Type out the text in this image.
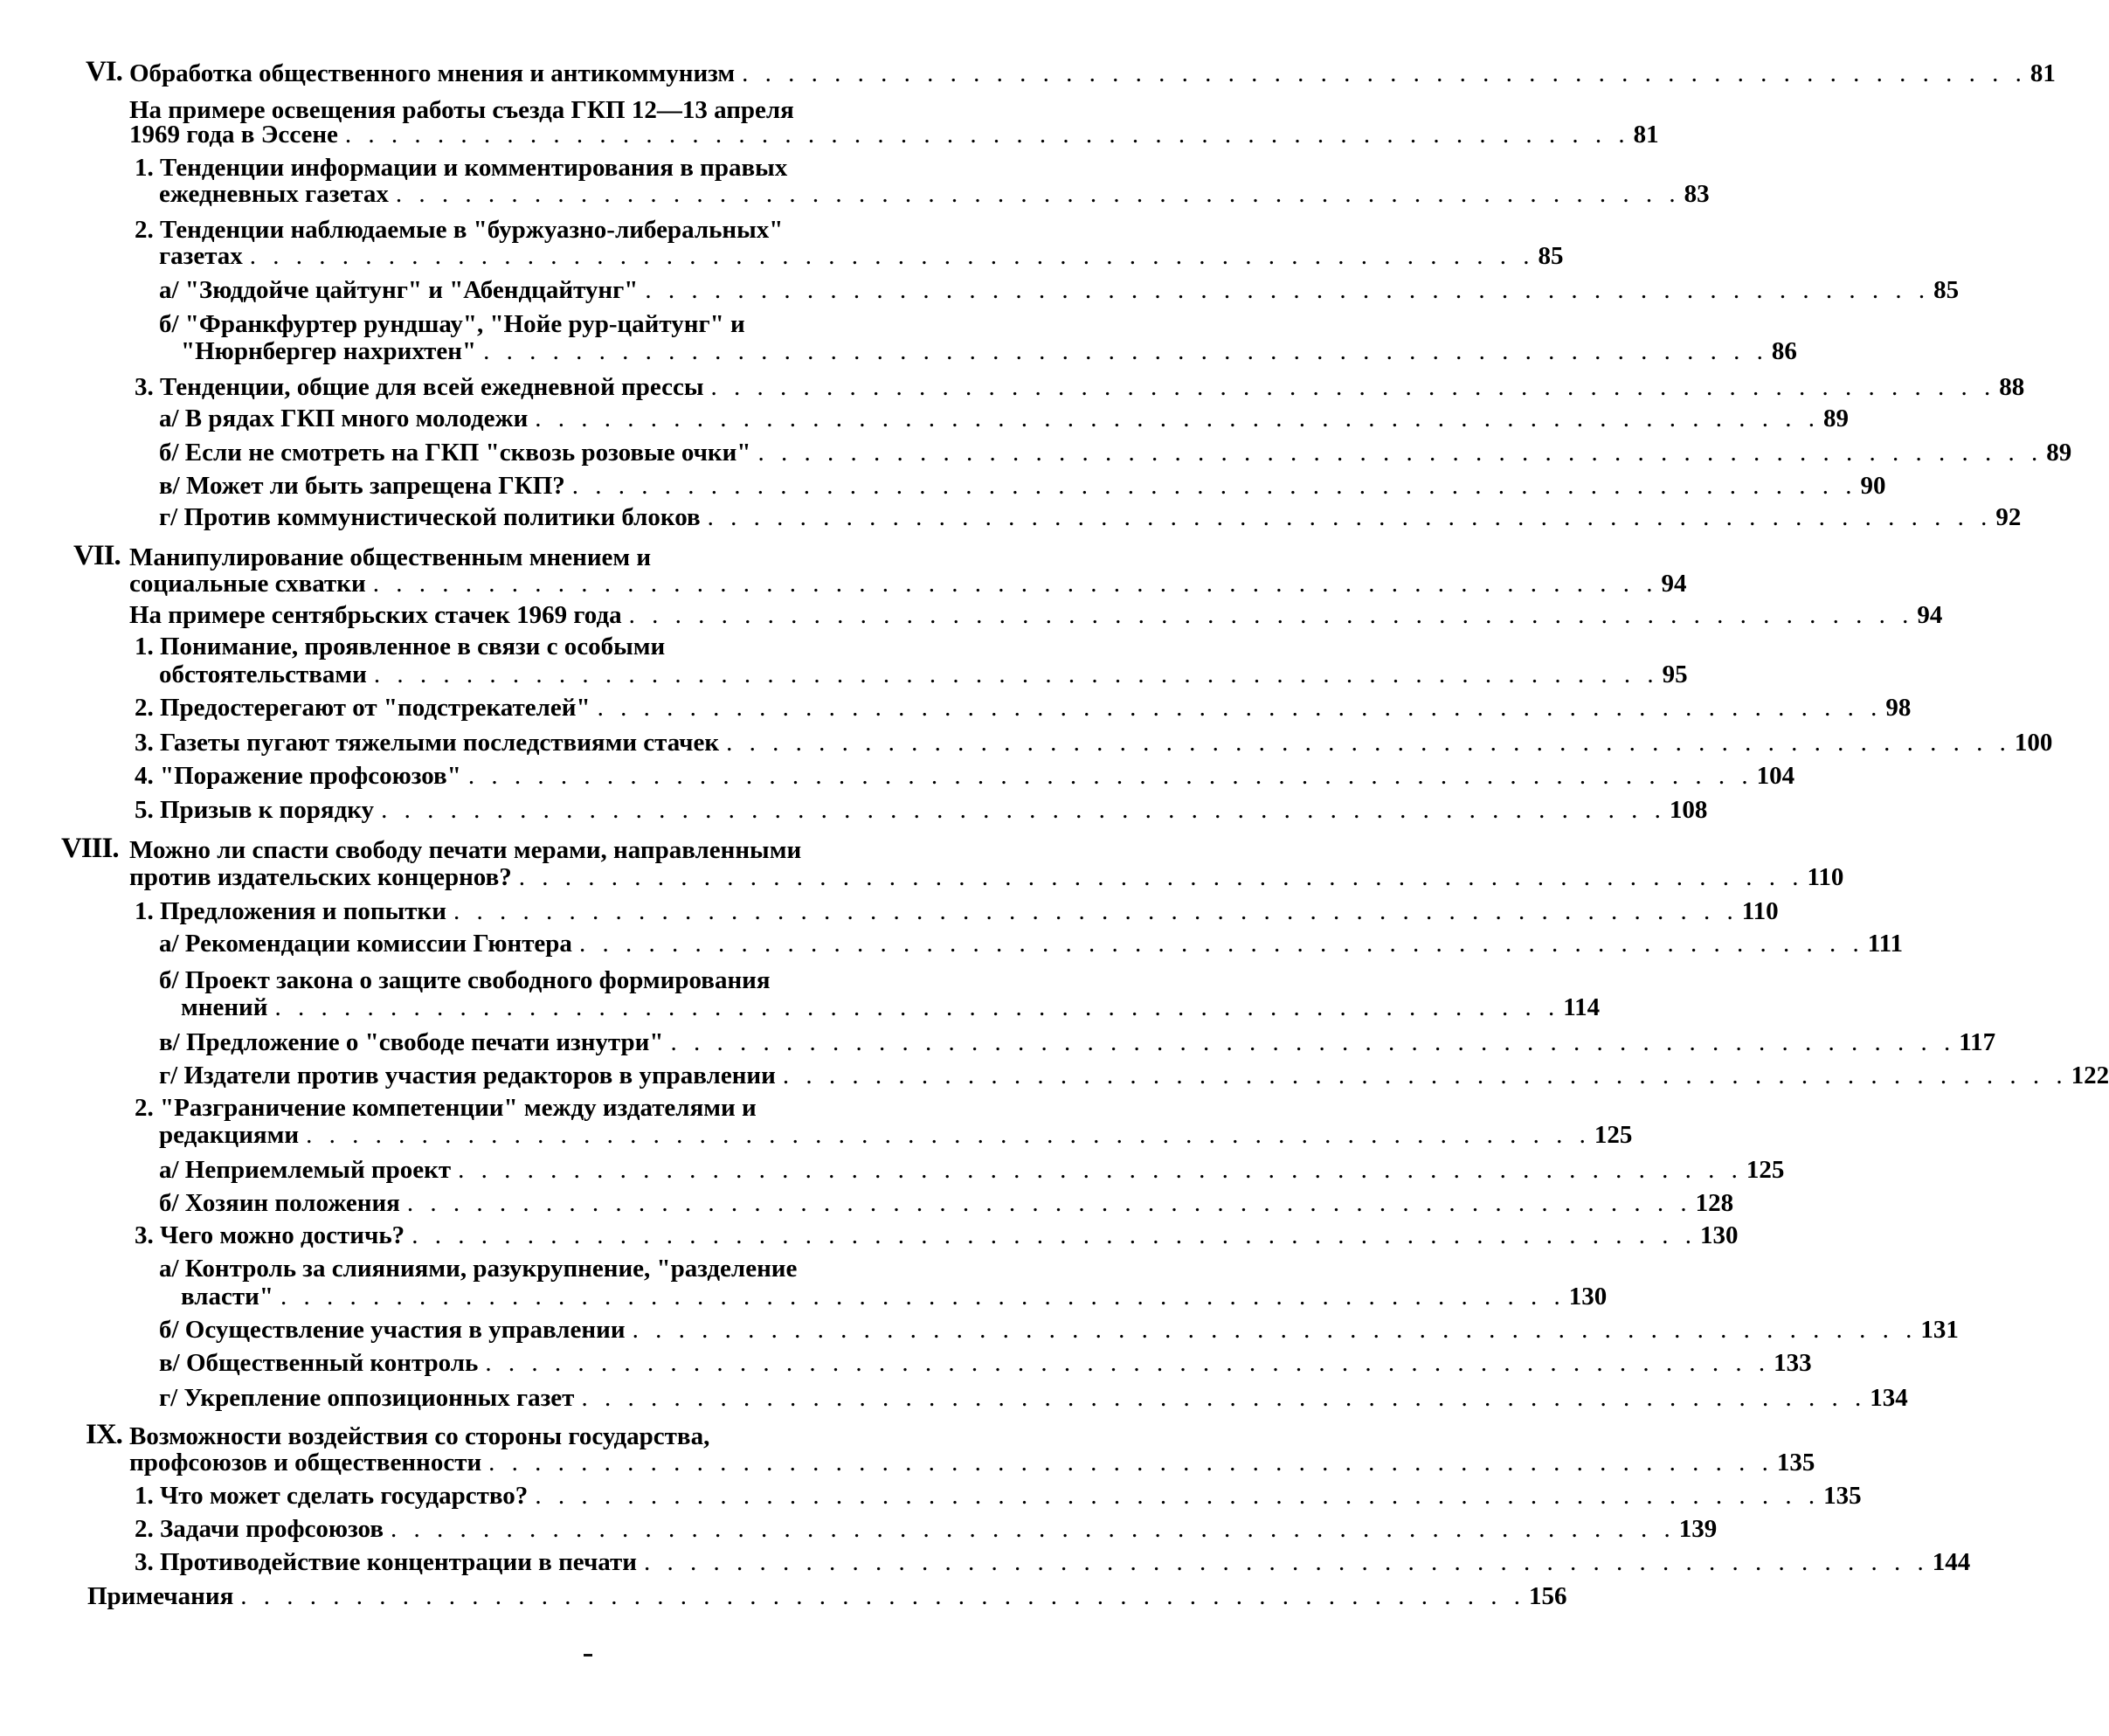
VI. Обработка общественного мнения и антикоммунизм . . . . . . . . . . . . . . . . . . . . . . . . . . . . . . . . . . . . . . . . . . . . . . . . . . . . . . . . 81
На примере освещения работы съезда ГКП 12—13 апреля
1969 года в Эссене . . . . . . . . . . . . . . . . . . . . . . . . . . . . . . . . . . . . . . . . . . . . . . . . . . . . . . . . 81
1. Тенденции информации и комментирования в правых
ежедневных газетах . . . . . . . . . . . . . . . . . . . . . . . . . . . . . . . . . . . . . . . . . . . . . . . . . . . . . . . . 83
2. Тенденции наблюдаемые в "буржуазно-либеральных"
газетах . . . . . . . . . . . . . . . . . . . . . . . . . . . . . . . . . . . . . . . . . . . . . . . . . . . . . . . . 85
а/ "Зюддойче цайтунг" и "Абендцайтунг" . . . . . . . . . . . . . . . . . . . . . . . . . . . . . . . . . . . . . . . . . . . . . . . . . . . . . . . . 85
б/ "Франкфуртер рундшау", "Нойе рур-цайтунг" и
"Нюрнбергер нахрихтен" . . . . . . . . . . . . . . . . . . . . . . . . . . . . . . . . . . . . . . . . . . . . . . . . . . . . . . . . 86
3. Тенденции, общие для всей ежедневной прессы . . . . . . . . . . . . . . . . . . . . . . . . . . . . . . . . . . . . . . . . . . . . . . . . . . . . . . . . 88
а/ В рядах ГКП много молодежи . . . . . . . . . . . . . . . . . . . . . . . . . . . . . . . . . . . . . . . . . . . . . . . . . . . . . . . . 89
б/ Если не смотреть на ГКП "сквозь розовые очки" . . . . . . . . . . . . . . . . . . . . . . . . . . . . . . . . . . . . . . . . . . . . . . . . . . . . . . . . 89
в/ Может ли быть запрещена ГКП? . . . . . . . . . . . . . . . . . . . . . . . . . . . . . . . . . . . . . . . . . . . . . . . . . . . . . . . . 90
г/ Против коммунистической политики блоков . . . . . . . . . . . . . . . . . . . . . . . . . . . . . . . . . . . . . . . . . . . . . . . . . . . . . . . . 92
VII. Манипулирование общественным мнением и
социальные схватки . . . . . . . . . . . . . . . . . . . . . . . . . . . . . . . . . . . . . . . . . . . . . . . . . . . . . . . . 94
На примере сентябрьских стачек 1969 года . . . . . . . . . . . . . . . . . . . . . . . . . . . . . . . . . . . . . . . . . . . . . . . . . . . . . . . . 94
1. Понимание, проявленное в связи с особыми
обстоятельствами . . . . . . . . . . . . . . . . . . . . . . . . . . . . . . . . . . . . . . . . . . . . . . . . . . . . . . . . 95
2. Предостерегают от "подстрекателей" . . . . . . . . . . . . . . . . . . . . . . . . . . . . . . . . . . . . . . . . . . . . . . . . . . . . . . . . 98
3. Газеты пугают тяжелыми последствиями стачек . . . . . . . . . . . . . . . . . . . . . . . . . . . . . . . . . . . . . . . . . . . . . . . . . . . . . . . . 100
4. "Поражение профсоюзов" . . . . . . . . . . . . . . . . . . . . . . . . . . . . . . . . . . . . . . . . . . . . . . . . . . . . . . . . 104
5. Призыв к порядку . . . . . . . . . . . . . . . . . . . . . . . . . . . . . . . . . . . . . . . . . . . . . . . . . . . . . . . . 108
VIII. Можно ли спасти свободу печати мерами, направленными
против издательских концернов? . . . . . . . . . . . . . . . . . . . . . . . . . . . . . . . . . . . . . . . . . . . . . . . . . . . . . . . . 110
1. Предложения и попытки . . . . . . . . . . . . . . . . . . . . . . . . . . . . . . . . . . . . . . . . . . . . . . . . . . . . . . . . 110
а/ Рекомендации комиссии Гюнтера . . . . . . . . . . . . . . . . . . . . . . . . . . . . . . . . . . . . . . . . . . . . . . . . . . . . . . . . 111
б/ Проект закона о защите свободного формирования
мнений . . . . . . . . . . . . . . . . . . . . . . . . . . . . . . . . . . . . . . . . . . . . . . . . . . . . . . . . 114
в/ Предложение о "свободе печати изнутри" . . . . . . . . . . . . . . . . . . . . . . . . . . . . . . . . . . . . . . . . . . . . . . . . . . . . . . . . 117
г/ Издатели против участия редакторов в управлении . . . . . . . . . . . . . . . . . . . . . . . . . . . . . . . . . . . . . . . . . . . . . . . . . . . . . . . . 122
2. "Разграничение компетенции" между издателями и
редакциями . . . . . . . . . . . . . . . . . . . . . . . . . . . . . . . . . . . . . . . . . . . . . . . . . . . . . . . . 125
а/ Неприемлемый проект . . . . . . . . . . . . . . . . . . . . . . . . . . . . . . . . . . . . . . . . . . . . . . . . . . . . . . . . 125
б/ Хозяин положения . . . . . . . . . . . . . . . . . . . . . . . . . . . . . . . . . . . . . . . . . . . . . . . . . . . . . . . . 128
3. Чего можно достичь? . . . . . . . . . . . . . . . . . . . . . . . . . . . . . . . . . . . . . . . . . . . . . . . . . . . . . . . . 130
а/ Контроль за слияниями, разукрупнение, "разделение
власти" . . . . . . . . . . . . . . . . . . . . . . . . . . . . . . . . . . . . . . . . . . . . . . . . . . . . . . . . 130
б/ Осуществление участия в управлении . . . . . . . . . . . . . . . . . . . . . . . . . . . . . . . . . . . . . . . . . . . . . . . . . . . . . . . . 131
в/ Общественный контроль . . . . . . . . . . . . . . . . . . . . . . . . . . . . . . . . . . . . . . . . . . . . . . . . . . . . . . . . 133
г/ Укрепление оппозиционных газет . . . . . . . . . . . . . . . . . . . . . . . . . . . . . . . . . . . . . . . . . . . . . . . . . . . . . . . . 134
IX. Возможности воздействия со стороны государства,
профсоюзов и общественности . . . . . . . . . . . . . . . . . . . . . . . . . . . . . . . . . . . . . . . . . . . . . . . . . . . . . . . . 135
1. Что может сделать государство? . . . . . . . . . . . . . . . . . . . . . . . . . . . . . . . . . . . . . . . . . . . . . . . . . . . . . . . . 135
2. Задачи профсоюзов . . . . . . . . . . . . . . . . . . . . . . . . . . . . . . . . . . . . . . . . . . . . . . . . . . . . . . . . 139
3. Противодействие концентрации в печати . . . . . . . . . . . . . . . . . . . . . . . . . . . . . . . . . . . . . . . . . . . . . . . . . . . . . . . . 144
Примечания . . . . . . . . . . . . . . . . . . . . . . . . . . . . . . . . . . . . . . . . . . . . . . . . . . . . . . . . 156
